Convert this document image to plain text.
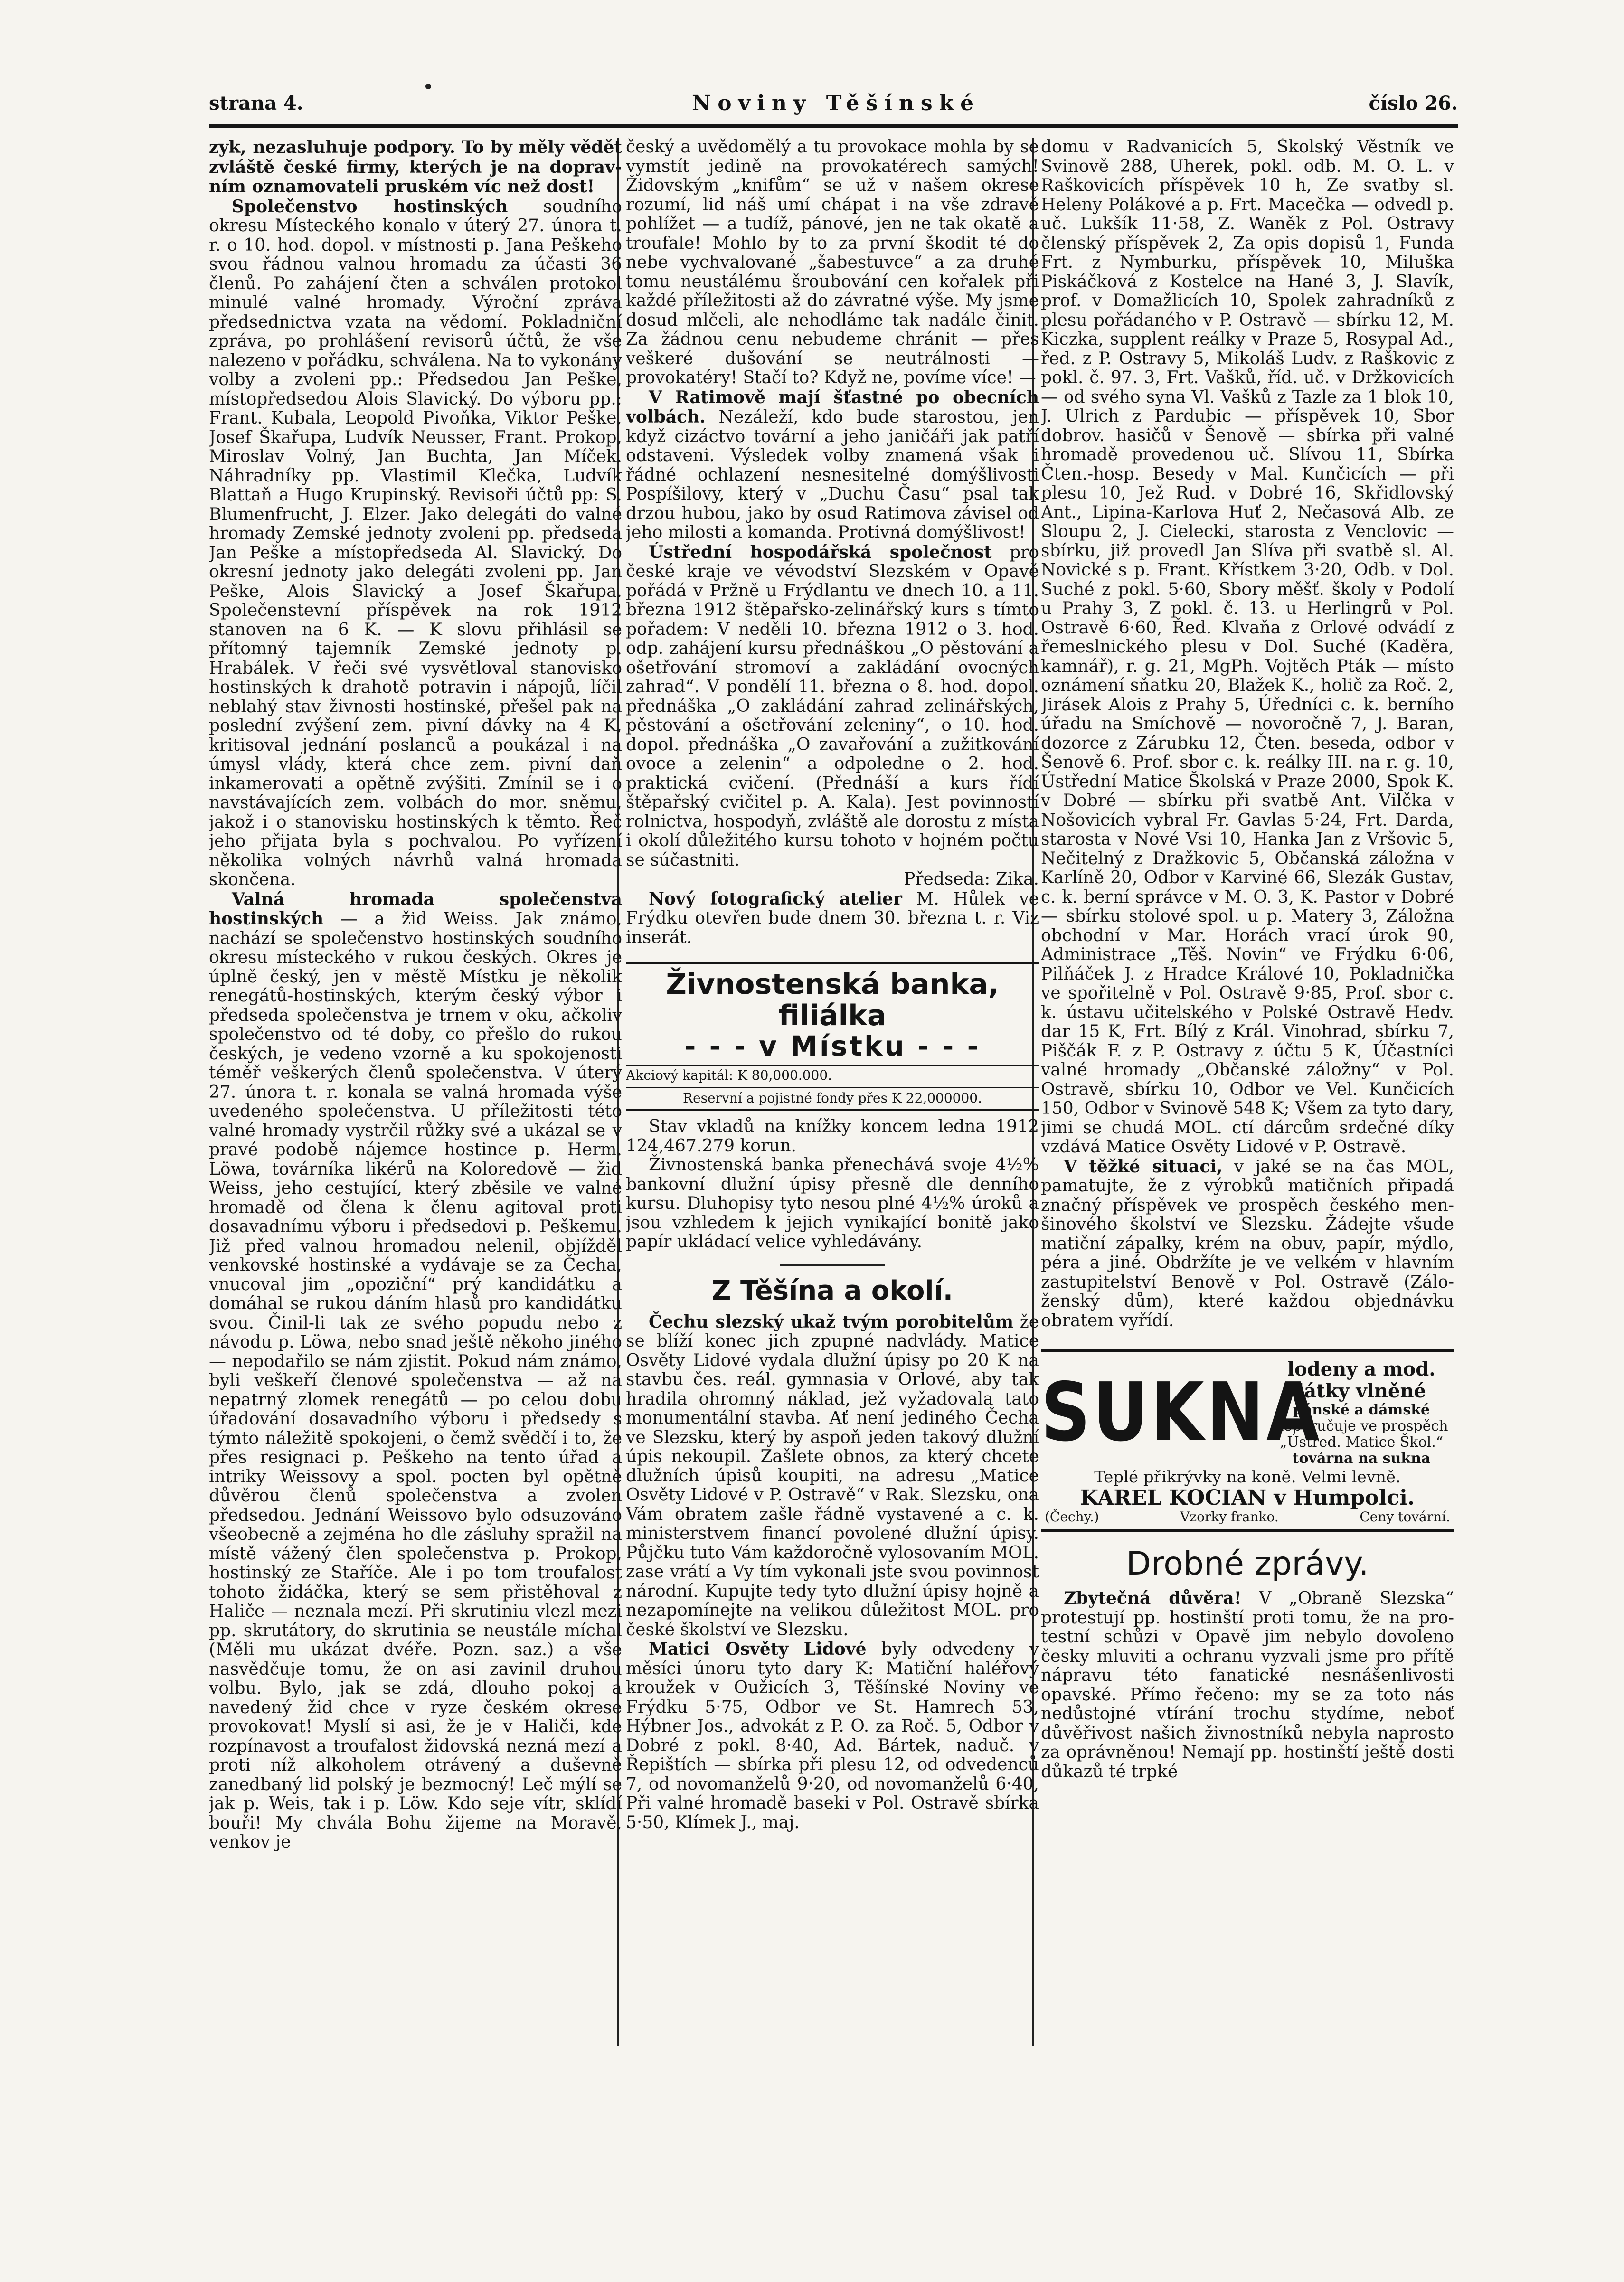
strana 4.	Noviny Těšínské	číslo 26.

zyk, nezasluhuje podpory. To by měly vědět zvláště české firmy, kterých je na dopravním oznamovateli pruském víc než dost!

Společenstvo hostinských soudního okresu Místeckého konalo v úterý 27. února t. r. o 10. hod. dopol. v místnosti p. Jana Peškeho svou řádnou valnou hromadu za účasti 36 členů. Po zahájení čten a schválen protokol minulé valné hromady. Výroční zpráva předsednictva vzata na vědomí. Pokladniční zpráva, po prohlášení revisorů účtů, že vše nalezeno v pořádku, schválena. Na to vykonány volby a zvoleni pp.: Předsedou Jan Peške, místopředsedou Alois Slavický. Do výboru pp.: Frant. Kubala, Leopold Pivoňka, Viktor Peške, Josef Škařupa, Ludvík Neusser, Frant. Prokop, Miroslav Volný, Jan Buchta, Jan Míček. Náhradníky pp. Vlastimil Klečka, Ludvík Blattaň a Hugo Krupinský. Revisoři účtů pp: S. Blumenfrucht, J. Elzer. Jako delegáti do valné hromady Zemské jednoty zvoleni pp. předseda Jan Peške a místopředseda Al. Slavický. Do okresní jednoty jako delegáti zvoleni pp. Jan Peške, Alois Slavický a Josef Škařupa. Společenstevní příspěvek na rok 1912 stanoven na 6 K. — K slovu přihlásil se přítomný tajemník Zemské jednoty p. Hrabálek. V řeči své vysvětloval stanovisko hostinských k drahotě potravin i nápojů, líčil neblahý stav živnosti hostinské, přešel pak na poslední zvýšení zem. pivní dávky na 4 K, kritisoval jednání poslanců a poukázal i na úmysl vlády, která chce zem. pivní daň inkamerovati a opětně zvýšiti. Zmínil se i o navstávajících zem. volbách do mor. sněmu, jakož i o stanovisku hostinských k těmto. Řeč jeho přijata byla s pochvalou. Po vyřízení několika volných návrhů valná hromada skončena.

Valná hromada společenstva hostinských — a žid Weiss. Jak známo, nachází se společenstvo hostinských soudního okresu místeckého v rukou českých. Okres je úplně český, jen v městě Místku je několik renegátů-hostinských, kterým český výbor i předseda společenstva je trnem v oku, ačkoliv společenstvo od té doby, co přešlo do rukou českých, je vedeno vzorně a ku spokojenosti téměř veškerých členů společenstva. V úterý 27. února t. r. konala se valná hromada výše uvedeného společenstva. U příležitosti této valné hromady vystrčil růžky své a ukázal se v pravé podobě nájemce hostince p. Herm. Löwa, továrníka likérů na Koloredově — žid Weiss, jeho cestující, který zběsile ve valné hromadě od člena k členu agitoval proti dosavadnímu výboru i předsedovi p. Peškemu. Již před valnou hromadou nelenil, objížděl venkovské hostinské a vydávaje se za Čecha, vnucoval jim „opoziční“ prý kandidátku a domáhal se rukou dáním hlasů pro kandidátku svou. Činil-li tak ze svého popudu nebo z návodu p. Löwa, nebo snad ještě někoho jiného — nepodařilo se nám zjistit. Pokud nám známo, byli veškeří členové společenstva — až na nepatrný zlomek renegátů — po celou dobu úřadování dosavadního výboru i předsedy s týmto náležitě spokojeni, o čemž svědčí i to, že přes resignaci p. Peškeho na tento úřad a intriky Weissovy a spol. pocten byl opětně důvěrou členů společenstva a zvolen předsedou. Jednání Weissovo bylo odsuzováno všeobecně a zejména ho dle zásluhy spražil na místě vážený člen společenstva p. Prokop, hostinský ze Staříče. Ale i po tom troufalost tohoto židáčka, který se sem přistěhoval z Haliče — neznala mezí. Při skrutiniu vlezl mezi pp. skrutátory, do skrutinia se neustále míchal (Měli mu ukázat dvéře. Pozn. saz.) a vše nasvědčuje tomu, že on asi zavinil druhou volbu. Bylo, jak se zdá, dlouho pokoj a navedený žid chce v ryze českém okrese provokovat! Myslí si asi, že je v Haliči, kde rozpínavost a troufalost židovská nezná mezí a proti níž alkoholem otrávený a duševně zanedbaný lid polský je bezmocný! Leč mýlí se jak p. Weis, tak i p. Löw. Kdo seje vítr, sklídí bouři! My chvála Bohu žijeme na Moravě, venkov je

český a uvědomělý a tu provokace mohla by se vymstít jedině na provokatérech samých! Židovským „knifům“ se už v našem okrese rozumí, lid náš umí chápat i na vše zdravě pohlížet — a tudíž, pánové, jen ne tak okatě a troufale! Mohlo by to za první škodit té do nebe vychvalované „šabestuvce“ a za druhé tomu neustálému šroubování cen kořalek při každé příležitosti až do závratné výše. My jsme dosud mlčeli, ale nehodláme tak nadále činit. Za žádnou cenu nebudeme chránit — přes veškeré dušování se neutrálnosti — provokatéry! Stačí to? Když ne, povíme více! —

V Ratimově mají šťastné po obecních volbách. Nezáleží, kdo bude starostou, jen když cizáctvo tovární a jeho janičáři jak patří odstaveni. Výsledek volby znamená však i řádné ochlazení nesnesitelné domýšlivosti Pospíšilovy, který v „Duchu Času“ psal tak drzou hubou, jako by osud Ratimova závisel od jeho milosti a komanda. Protivná domýšlivost!

Ústřední hospodářská společnost pro české kraje ve vévodství Slezském v Opavě pořádá v Pržně u Frýdlantu ve dnech 10. a 11. března 1912 štěpařsko-zelinářský kurs s tímto pořadem: V neděli 10. března 1912 o 3. hod. odp. zahájení kursu přednáškou „O pěstování a ošetřování stromoví a zakládání ovocných zahrad“. V pondělí 11. března o 8. hod. dopol. přednáška „O zakládání zahrad zelinářských, pěstování a ošetřování zeleniny“, o 10. hod. dopol. přednáška „O zavařování a zužitkování ovoce a zelenin“ a odpoledne o 2. hod. praktická cvičení. (Přednáší a kurs řídí štěpařský cvičitel p. A. Kala). Jest povinností rolnictva, hospodyň, zvláště ale dorostu z místa i okolí důležitého kursu tohoto v hojném počtu se súčastniti.

Předseda: Zika.

Nový fotografický atelier M. Hůlek ve Frýdku otevřen bude dnem 30. března t. r. Viz inserát.

Živnostenská banka, filiálka
- - - v Místku - - -
Akciový kapitál: K 80,000.000.
Reservní a pojistné fondy přes K 22,000000.

Stav vkladů na knížky koncem ledna 1912 124,467.279 korun.

Živnostenská banka přenechává svoje 4½% bankovní dlužní úpisy přesně dle denního kursu. Dluhopisy tyto nesou plné 4½% úroků a jsou vzhledem k jejich vynikající bonitě jako papír ukládací velice vyhledávány.

Z Těšína a okolí.

Čechu slezský ukaž tvým porobitelům že se blíží konec jich zpupné nadvlády. Matice Osvěty Lidové vydala dlužní úpisy po 20 K na stavbu čes. reál. gymnasia v Orlové, aby tak hradila ohromný náklad, jež vyžadovala tato monumentální stavba. Ať není jediného Čecha ve Slezsku, který by aspoň jeden takový dlužní úpis nekoupil. Zašlete obnos, za který chcete dlužních úpisů koupiti, na adresu „Matice Osvěty Lidové v P. Ostravě“ v Rak. Slezsku, ona Vám obratem zašle řádně vystavené a c. k. ministerstvem financí povolené dlužní úpisy. Půjčku tuto Vám každoročně vylosovaním MOL. zase vrátí a Vy tím vykonali jste svou povinnost národní. Kupujte tedy tyto dlužní úpisy hojně a nezapomínejte na velikou důležitost MOL. pro české školství ve Slezsku.

Matici Osvěty Lidové byly odvedeny v měsíci únoru tyto dary K: Matiční haléřový kroužek v Oužicích 3, Těšínské Noviny ve Frýdku 5·75, Odbor ve St. Hamrech 53, Hýbner Jos., advokát z P. O. za Roč. 5, Odbor v Dobré z pokl. 8·40, Ad. Bártek, naduč. v Řepištích — sbírka při plesu 12, od odvedenců 7, od novomanželů 9·20, od novomanželů 6·40, Při valné hromadě baseki v Pol. Ostravě sbírka 5·50, Klímek J., maj.

domu v Radvanicích 5, Školský Věstník ve Svinově 288, Uherek, pokl. odb. M. O. L. v Raškovicích příspěvek 10 h, Ze svatby sl. Heleny Polákové a p. Frt. Macečka — odvedl p. uč. Lukšík 11·58, Z. Waněk z Pol. Ostravy členský příspěvek 2, Za opis dopisů 1, Funda Frt. z Nymburku, příspěvek 10, Miluška Piskáčková z Kostelce na Hané 3, J. Slavík, prof. v Domažlicích 10, Spolek zahradníků z plesu pořádaného v P. Ostravě — sbírku 12, M. Kiczka, supplent reálky v Praze 5, Rosypal Ad., řed. z P. Ostravy 5, Mikoláš Ludv. z Raškovic z pokl. č. 97. 3, Frt. Vašků, říd. uč. v Držkovicích — od svého syna Vl. Vašků z Tazle za 1 blok 10, J. Ulrich z Pardubic — příspěvek 10, Sbor dobrov. hasičů v Šenově — sbírka při valné hromadě provedenou uč. Slívou 11, Sbírka Čten.-hosp. Besedy v Mal. Kunčicích — při plesu 10, Jež Rud. v Dobré 16, Skřidlovský Ant., Lipina-Karlova Huť 2, Nečasová Alb. ze Sloupu 2, J. Cielecki, starosta z Venclovic — sbírku, již provedl Jan Slíva při svatbě sl. Al. Novické s p. Frant. Křístkem 3·20, Odb. v Dol. Suché z pokl. 5·60, Sbory měšť. školy v Podolí u Prahy 3, Z pokl. č. 13. u Herlingrů v Pol. Ostravě 6·60, Řed. Klvaňa z Orlové odvádí z řemeslnického plesu v Dol. Suché (Kaděra, kamnář), r. g. 21, MgPh. Vojtěch Pták — místo oznámení sňatku 20, Blažek K., holič za Roč. 2, Jirásek Alois z Prahy 5, Úředníci c. k. berního úřadu na Smíchově — novoročně 7, J. Baran, dozorce z Zárubku 12, Čten. beseda, odbor v Šenově 6. Prof. sbor c. k. reálky III. na r. g. 10, Ústřední Matice Školská v Praze 2000, Spok K. v Dobré — sbírku při svatbě Ant. Vilčka v Nošovicích vybral Fr. Gavlas 5·24, Frt. Darda, starosta v Nové Vsi 10, Hanka Jan z Vršovic 5, Nečitelný z Dražkovic 5, Občanská záložna v Karlíně 20, Odbor v Karviné 66, Slezák Gustav, c. k. berní správce v M. O. 3, K. Pastor v Dobré — sbírku stolové spol. u p. Matery 3, Záložna obchodní v Mar. Horách vrací úrok 90, Administrace „Těš. Novin“ ve Frýdku 6·06, Pilňáček J. z Hradce Králové 10, Pokladnička ve spořitelně v Pol. Ostravě 9·85, Prof. sbor c. k. ústavu učitelského v Polské Ostravě Hedv. dar 15 K, Frt. Bílý z Král. Vinohrad, sbírku 7, Piščák F. z P. Ostravy z účtu 5 K, Účastníci valné hromady „Občanské záložny“ v Pol. Ostravě, sbírku 10, Odbor ve Vel. Kunčicích 150, Odbor v Svinově 548 K; Všem za tyto dary, jimi se chudá MOL. ctí dárcům srdečné díky vzdává Matice Osvěty Lidové v P. Ostravě.

V těžké situaci, v jaké se na čas MOL, pamatujte, že z výrobků matičních připadá značný příspěvek ve prospěch českého menšinového školství ve Slezsku. Žádejte všude matiční zápalky, krém na obuv, papír, mýdlo, péra a jiné. Obdržíte je ve velkém v hlavním zastupitelství Benově v Pol. Ostravě (Záloženský dům), které každou objednávku obratem vyřídí.

SUKNA
lodeny a mod. látky vlněné
pánské a dámské
doporučuje ve prospěch „Ústřed. Matice Škol.“
továrna na sukna
Teplé přikrývky na koně. Velmi levně.
KAREL KOCIAN v Humpolci.
(Čechy.)	Vzorky franko.	Ceny tovární.
Drobné zprávy.

Zbytečná důvěra! V „Obraně Slezska“ protestují pp. hostinští proti tomu, že na protestní schůzi v Opavě jim nebylo dovoleno česky mluviti a ochranu vyzvali jsme pro přítě nápravu této fanatické nesnášenlivosti opavské. Přímo řečeno: my se za toto nás nedůstojné vtírání trochu stydíme, neboť důvěřivost našich živnostníků nebyla naprosto za oprávněnou! Nemají pp. hostinští ještě dosti důkazů té trpké
